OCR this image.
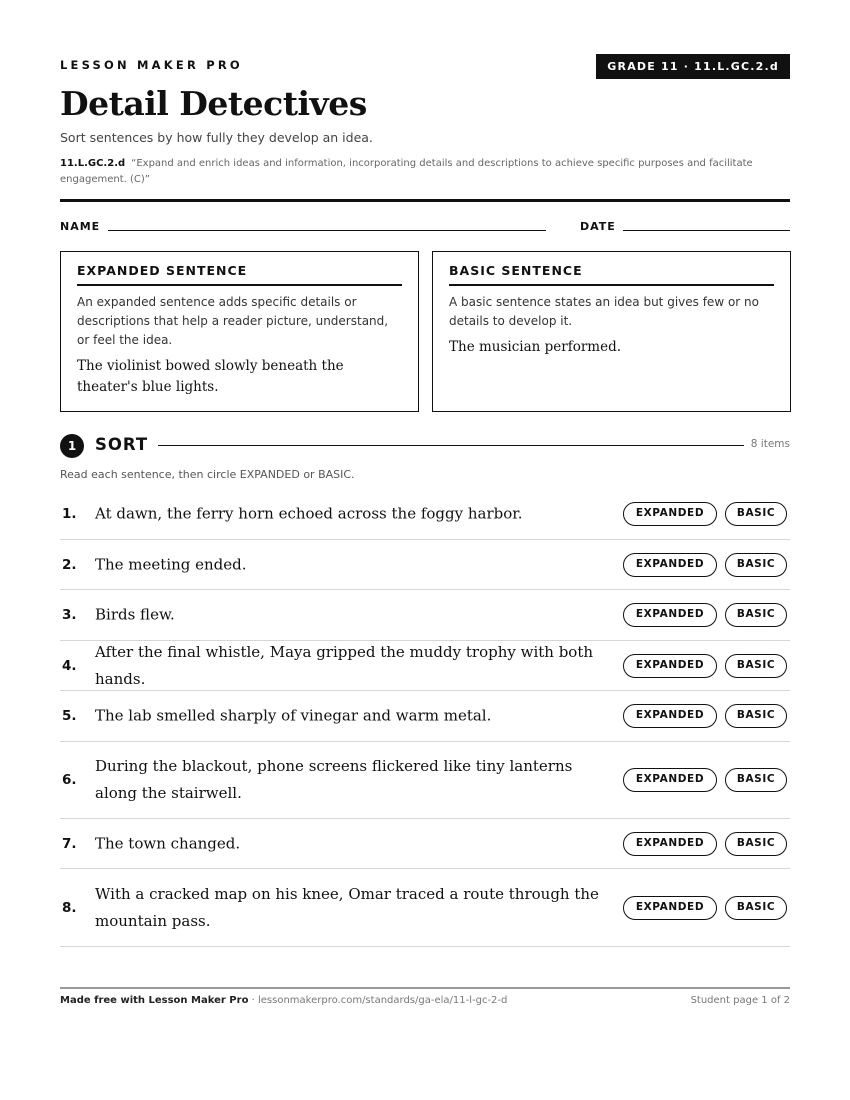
LESSON MAKER PRO	GRADE 11 · 11.L.GC.2.d
Detail Detectives
Sort sentences by how fully they develop an idea.
11.L.GC.2.d “Expand and enrich ideas and information, incorporating details and descriptions to achieve specific purposes and facilitate engagement. (C)”
NAME	DATE
EXPANDED SENTENCE
An expanded sentence adds specific details or descriptions that help a reader picture, understand, or feel the idea.
The violinist bowed slowly beneath the theater's blue lights.
BASIC SENTENCE
A basic sentence states an idea but gives few or no details to develop it.
The musician performed.
1	SORT	8 items
Read each sentence, then circle EXPANDED or BASIC.
1. At dawn, the ferry horn echoed across the foggy harbor.	EXPANDED	BASIC
2. The meeting ended.	EXPANDED	BASIC
3. Birds flew.	EXPANDED	BASIC
4.
After the final whistle, Maya gripped the muddy trophy with both hands.
EXPANDED	BASIC
5. The lab smelled sharply of vinegar and warm metal.	EXPANDED	BASIC
6.
During the blackout, phone screens flickered like tiny lanterns along the stairwell.
EXPANDED	BASIC
7. The town changed.	EXPANDED	BASIC
8.
With a cracked map on his knee, Omar traced a route through the mountain pass.
EXPANDED	BASIC
Made free with Lesson Maker Pro · lessonmakerpro.com/standards/ga-ela/11-l-gc-2-d	Student page 1 of 2
